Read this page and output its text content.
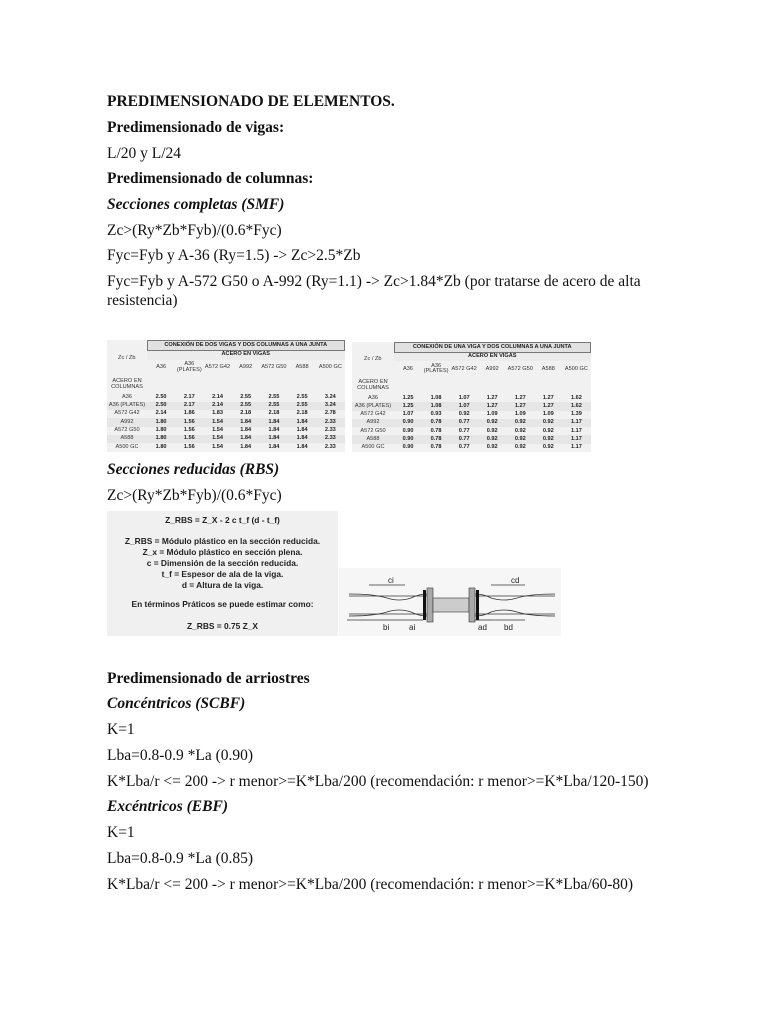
PREDIMENSIONADO DE ELEMENTOS.
Predimensionado de vigas:
L/20 y L/24
Predimensionado de columnas:
Secciones completas (SMF)
Zc>(Ry*Zb*Fyb)/(0.6*Fyc)
Fyc=Fyb y A-36 (Ry=1.5) -> Zc>2.5*Zb
Fyc=Fyb y A-572 G50 o A-992 (Ry=1.1) -> Zc>1.84*Zb (por tratarse de acero de alta resistencia)
Zc / Zb	CONEXIÓN DE DOS VIGAS Y DOS COLUMNAS A UNA JUNTA						
	ACERO EN VIGAS						
	A36	A36 (PLATES)	A572 G42	A992	A572 G50	A588	A500 GC
ACERO EN COLUMNAS							
A36	2.50	2.17	2.14	2.55	2.55	2.55	3.24
A36 (PLATES)	2.50	2.17	2.14	2.55	2.55	2.55	3.24
A572 G42	2.14	1.86	1.83	2.18	2.18	2.18	2.78
A992	1.80	1.56	1.54	1.84	1.84	1.84	2.33
A572 G50	1.80	1.56	1.54	1.84	1.84	1.84	2.33
A588	1.80	1.56	1.54	1.84	1.84	1.84	2.33
A500 GC	1.80	1.56	1.54	1.84	1.84	1.84	2.33
Zc / Zb	CONEXIÓN DE UNA VIGA Y DOS COLUMNAS A UNA JUNTA						
	ACERO EN VIGAS						
	A36	A36 (PLATES)	A572 G42	A992	A572 G50	A588	A500 GC
ACERO EN COLUMNAS							
A36	1.25	1.08	1.07	1.27	1.27	1.27	1.62
A36 (PLATES)	1.25	1.08	1.07	1.27	1.27	1.27	1.62
A572 G42	1.07	0.93	0.92	1.09	1.09	1.09	1.39
A992	0.90	0.78	0.77	0.92	0.92	0.92	1.17
A572 G50	0.90	0.78	0.77	0.92	0.92	0.92	1.17
A588	0.90	0.78	0.77	0.92	0.92	0.92	1.17
A500 GC	0.90	0.78	0.77	0.92	0.92	0.92	1.17
Secciones reducidas (RBS)
Zc>(Ry*Zb*Fyb)/(0.6*Fyc)
Z_RBS = Z_X - 2 c t_f (d - t_f)
Z_RBS = Módulo plástico en la sección reducida.
Z_x = Módulo plástico en sección plena.
c = Dimensión de la sección reducida.
t_f = Espesor de ala de la viga.
d = Altura de la viga.
En términos Práticos se puede estimar como:
Z_RBS = 0.75 Z_X
ci	cd
bi ai	ad bd
Predimensionado de arriostres
Concéntricos (SCBF)
K=1
Lba=0.8-0.9 *La (0.90)
K*Lba/r <= 200 -> r menor>=K*Lba/200 (recomendación: r menor>=K*Lba/120-150)
Excéntricos (EBF)
K=1
Lba=0.8-0.9 *La (0.85)
K*Lba/r <= 200 -> r menor>=K*Lba/200 (recomendación: r menor>=K*Lba/60-80)
